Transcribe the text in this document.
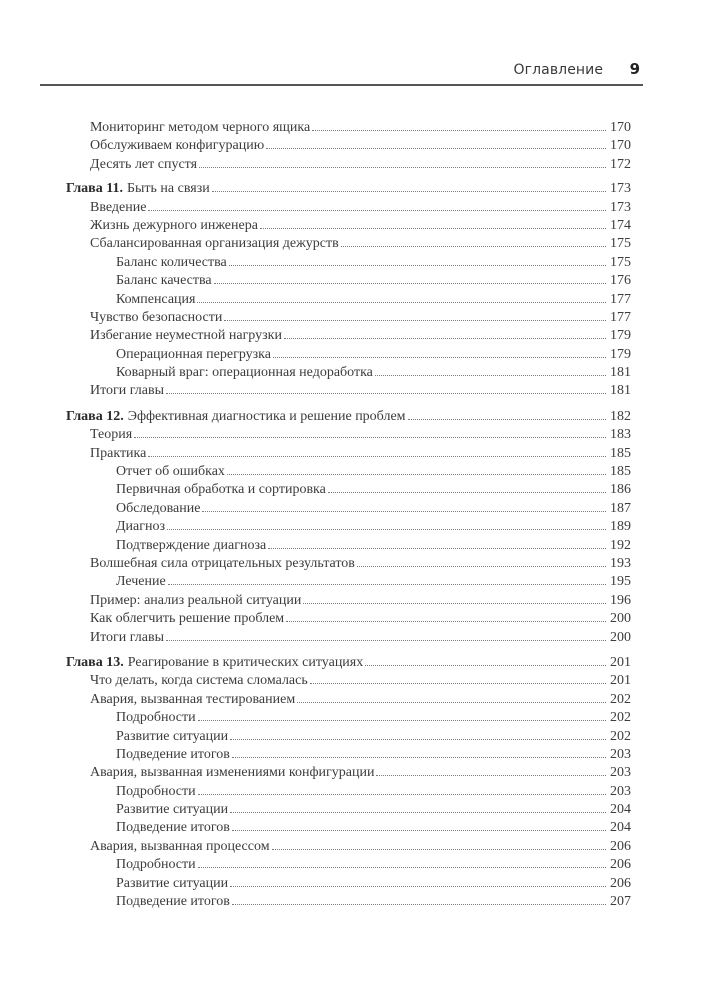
Оглавление 9
Мониторинг методом черного ящика	170
Обслуживаем конфигурацию	170
Десять лет спустя	172
Глава 11. Быть на связи	173
Введение	173
Жизнь дежурного инженера	174
Сбалансированная организация дежурств	175
Баланс количества	175
Баланс качества	176
Компенсация	177
Чувство безопасности	177
Избегание неуместной нагрузки	179
Операционная перегрузка	179
Коварный враг: операционная недоработка	181
Итоги главы	181
Глава 12. Эффективная диагностика и решение проблем	182
Теория	183
Практика	185
Отчет об ошибках	185
Первичная обработка и сортировка	186
Обследование	187
Диагноз	189
Подтверждение диагноза	192
Волшебная сила отрицательных результатов	193
Лечение	195
Пример: анализ реальной ситуации	196
Как облегчить решение проблем	200
Итоги главы	200
Глава 13. Реагирование в критических ситуациях	201
Что делать, когда система сломалась	201
Авария, вызванная тестированием	202
Подробности	202
Развитие ситуации	202
Подведение итогов	203
Авария, вызванная изменениями конфигурации	203
Подробности	203
Развитие ситуации	204
Подведение итогов	204
Авария, вызванная процессом	206
Подробности	206
Развитие ситуации	206
Подведение итогов	207
